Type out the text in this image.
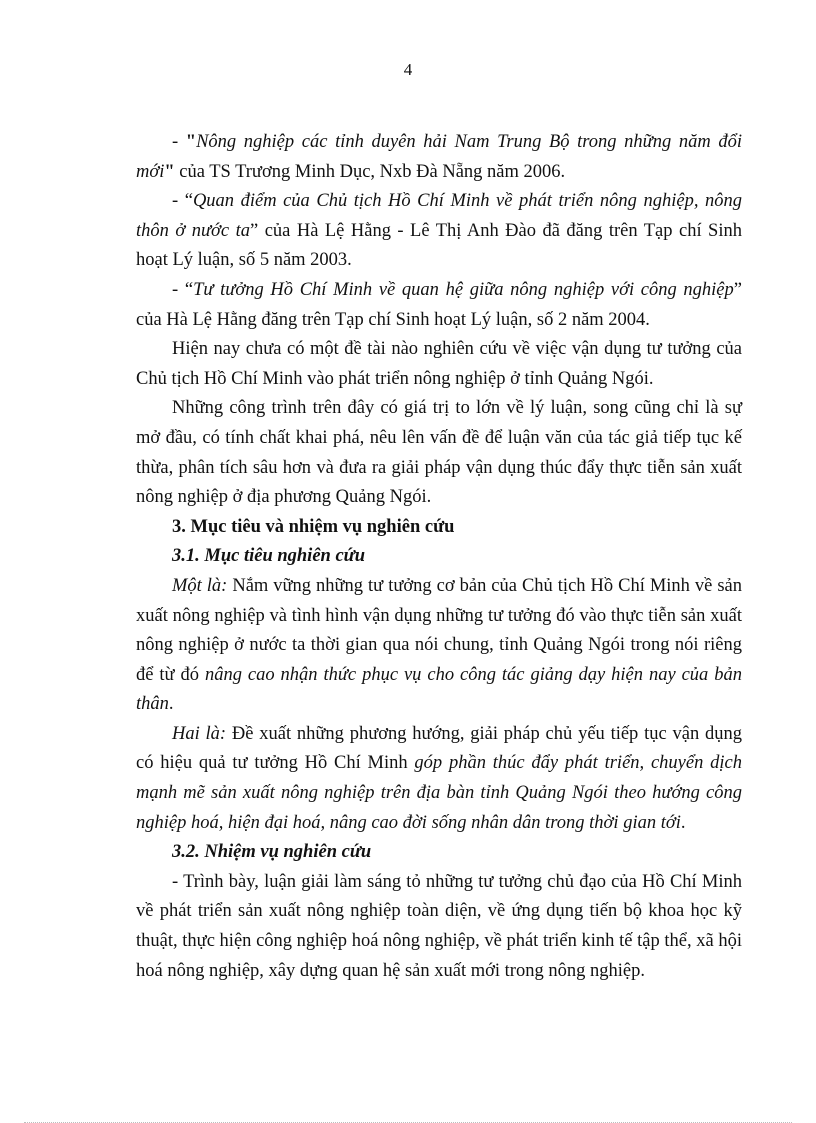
4

- "Nông nghiệp các tỉnh duyên hải Nam Trung Bộ trong những năm đổi mới" của TS Trương Minh Dục, Nxb Đà Nẵng năm 2006.

- “Quan điểm của Chủ tịch Hồ Chí Minh về phát triển nông nghiệp, nông thôn ở nước ta” của Hà Lệ Hằng - Lê Thị Anh Đào đã đăng trên Tạp chí Sinh hoạt Lý luận, số 5 năm 2003.

- “Tư tưởng Hồ Chí Minh về quan hệ giữa nông nghiệp với công nghiệp” của Hà Lệ Hằng đăng trên Tạp chí Sinh hoạt Lý luận, số 2 năm 2004.

Hiện nay chưa có một đề tài nào nghiên cứu về việc vận dụng tư tưởng của Chủ tịch Hồ Chí Minh vào phát triển nông nghiệp ở tỉnh Quảng Ngói.

Những công trình trên đây có giá trị to lớn về lý luận, song cũng chỉ là sự mở đầu, có tính chất khai phá, nêu lên vấn đề để luận văn của tác giả tiếp tục kế thừa, phân tích sâu hơn và đưa ra giải pháp vận dụng thúc đẩy thực tiễn sản xuất nông nghiệp ở địa phương Quảng Ngói.

3. Mục tiêu và nhiệm vụ nghiên cứu

3.1. Mục tiêu nghiên cứu

Một là: Nắm vững những tư tưởng cơ bản của Chủ tịch Hồ Chí Minh về sản xuất nông nghiệp và tình hình vận dụng những tư tưởng đó vào thực tiễn sản xuất nông nghiệp ở nước ta thời gian qua nói chung, tỉnh Quảng Ngói trong nói riêng để từ đó nâng cao nhận thức phục vụ cho công tác giảng dạy hiện nay của bản thân.

Hai là: Đề xuất những phương hướng, giải pháp chủ yếu tiếp tục vận dụng có hiệu quả tư tưởng Hồ Chí Minh góp phần thúc đẩy phát triển, chuyển dịch mạnh mẽ sản xuất nông nghiệp trên địa bàn tỉnh Quảng Ngói theo hướng công nghiệp hoá, hiện đại hoá, nâng cao đời sống nhân dân trong thời gian tới.

3.2. Nhiệm vụ nghiên cứu

- Trình bày, luận giải làm sáng tỏ những tư tưởng chủ đạo của Hồ Chí Minh về phát triển sản xuất nông nghiệp toàn diện, về ứng dụng tiến bộ khoa học kỹ thuật, thực hiện công nghiệp hoá nông nghiệp, về phát triển kinh tế tập thể, xã hội hoá nông nghiệp, xây dựng quan hệ sản xuất mới trong nông nghiệp.
